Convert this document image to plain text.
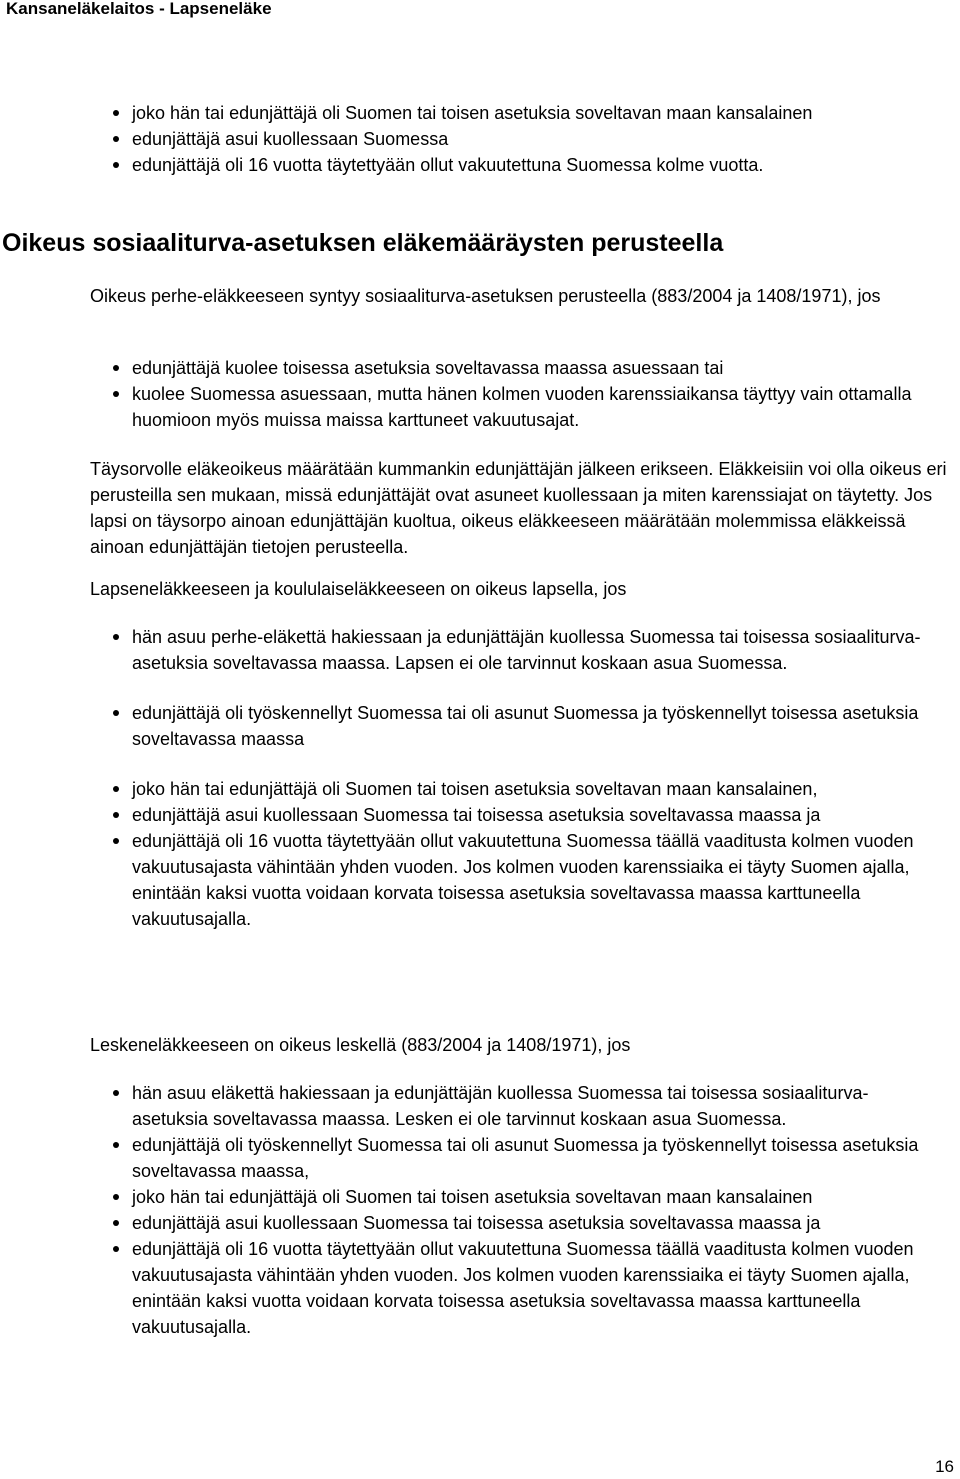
Kansaneläkelaitos - Lapseneläke
joko hän tai edunjättäjä oli Suomen tai toisen asetuksia soveltavan maan kansalainen
edunjättäjä asui kuollessaan Suomessa
edunjättäjä oli 16 vuotta täytettyään ollut vakuutettuna Suomessa kolme vuotta.
Oikeus sosiaaliturva-asetuksen eläkemääräysten perusteella
Oikeus perhe-eläkkeeseen syntyy sosiaaliturva-asetuksen perusteella (883/2004 ja 1408/1971), jos
edunjättäjä kuolee toisessa asetuksia soveltavassa maassa asuessaan tai
kuolee Suomessa asuessaan, mutta hänen kolmen vuoden karenssiaikansa täyttyy vain ottamalla huomioon myös muissa maissa karttuneet vakuutusajat.
Täysorvolle eläkeoikeus määrätään kummankin edunjättäjän jälkeen erikseen. Eläkkeisiin voi olla oikeus eri perusteilla sen mukaan, missä edunjättäjät ovat asuneet kuollessaan ja miten karenssiajat on täytetty. Jos lapsi on täysorpo ainoan edunjättäjän kuoltua, oikeus eläkkeeseen määrätään molemmissa eläkkeissä ainoan edunjättäjän tietojen perusteella.
Lapseneläkkeeseen ja koululaiseläkkeeseen on oikeus lapsella, jos
hän asuu perhe-eläkettä hakiessaan ja edunjättäjän kuollessa Suomessa tai toisessa sosiaaliturva-asetuksia soveltavassa maassa. Lapsen ei ole tarvinnut koskaan asua Suomessa.
edunjättäjä oli työskennellyt Suomessa tai oli asunut Suomessa ja työskennellyt toisessa asetuksia soveltavassa maassa
joko hän tai edunjättäjä oli Suomen tai toisen asetuksia soveltavan maan kansalainen,
edunjättäjä asui kuollessaan Suomessa tai toisessa asetuksia soveltavassa maassa ja
edunjättäjä oli 16 vuotta täytettyään ollut vakuutettuna Suomessa täällä vaaditusta kolmen vuoden vakuutusajasta vähintään yhden vuoden. Jos kolmen vuoden karenssiaika ei täyty Suomen ajalla, enintään kaksi vuotta voidaan korvata toisessa asetuksia soveltavassa maassa karttuneella vakuutusajalla.
Leskeneläkkeeseen on oikeus leskellä (883/2004 ja 1408/1971), jos
hän asuu eläkettä hakiessaan ja edunjättäjän kuollessa Suomessa tai toisessa sosiaaliturva-asetuksia soveltavassa maassa. Lesken ei ole tarvinnut koskaan asua Suomessa.
edunjättäjä oli työskennellyt Suomessa tai oli asunut Suomessa ja työskennellyt toisessa asetuksia soveltavassa maassa,
joko hän tai edunjättäjä oli Suomen tai toisen asetuksia soveltavan maan kansalainen
edunjättäjä asui kuollessaan Suomessa tai toisessa asetuksia soveltavassa maassa ja
edunjättäjä oli 16 vuotta täytettyään ollut vakuutettuna Suomessa täällä vaaditusta kolmen vuoden vakuutusajasta vähintään yhden vuoden. Jos kolmen vuoden karenssiaika ei täyty Suomen ajalla, enintään kaksi vuotta voidaan korvata toisessa asetuksia soveltavassa maassa karttuneella vakuutusajalla.
16
